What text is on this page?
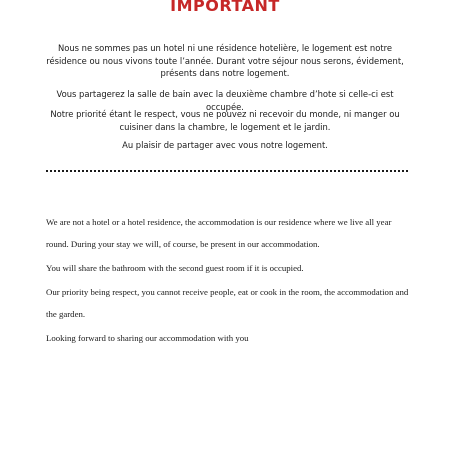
IMPORTANT

Nous ne sommes pas un hotel ni une résidence hotelière, le logement est notre résidence ou nous vivons toute l’année. Durant votre séjour nous serons, évidement, présents dans notre logement.

Vous partagerez la salle de bain avec la deuxième chambre d’hote si celle-ci est occupée.

Notre priorité étant le respect, vous ne pouvez ni recevoir du monde, ni manger ou cuisiner dans la chambre, le logement et le jardin.

Au plaisir de partager avec vous notre logement.

We are not a hotel or a hotel residence, the accommodation is our residence where we live all year round. During your stay we will, of course, be present in our accommodation.

You will share the bathroom with the second guest room if it is occupied.

Our priority being respect, you cannot receive people, eat or cook in the room, the accommodation and the garden.

Looking forward to sharing our accommodation with you
